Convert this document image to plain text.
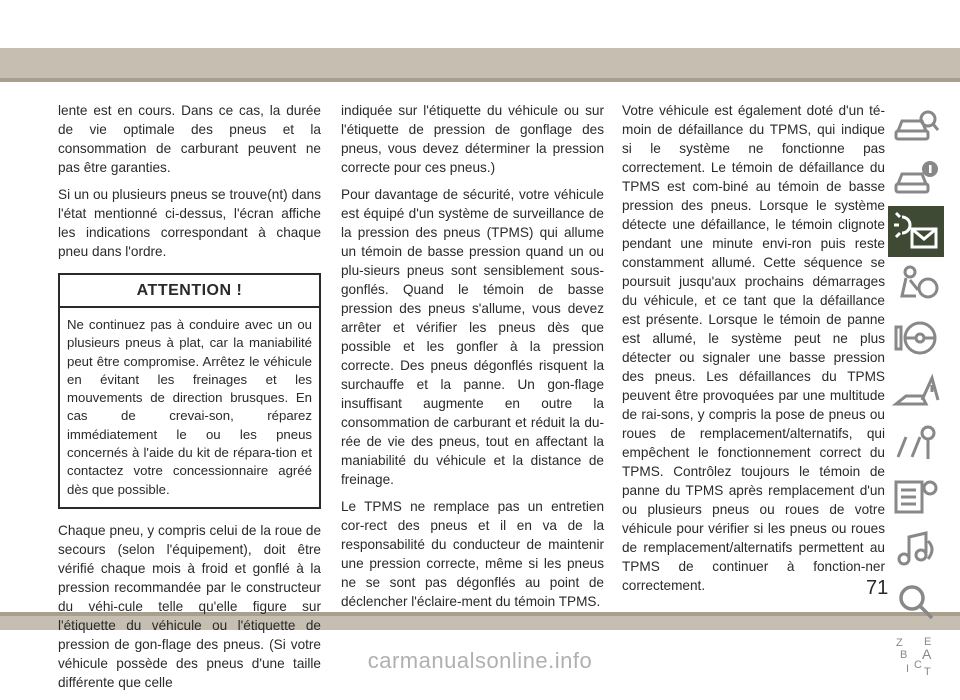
lente est en cours. Dans ce cas, la durée de vie optimale des pneus et la consommation de carburant peuvent ne pas être garanties.

Si un ou plusieurs pneus se trouve(nt) dans l'état mentionné ci-dessus, l'écran affiche les indications correspondant à chaque pneu dans l'ordre.

ATTENTION !
Ne continuez pas à conduire avec un ou plusieurs pneus à plat, car la maniabilité peut être compromise. Arrêtez le véhicule en évitant les freinages et les mouvements de direction brusques. En cas de crevai-son, réparez immédiatement le ou les pneus concernés à l'aide du kit de répara-tion et contactez votre concessionnaire agréé dès que possible.

Chaque pneu, y compris celui de la roue de secours (selon l'équipement), doit être vérifié chaque mois à froid et gonflé à la pression recommandée par le constructeur du véhi-cule telle qu'elle figure sur l'étiquette du véhicule ou l'étiquette de pression de gon-flage des pneus. (Si votre véhicule possède des pneus d'une taille différente que celle

indiquée sur l'étiquette du véhicule ou sur l'étiquette de pression de gonflage des pneus, vous devez déterminer la pression correcte pour ces pneus.)

Pour davantage de sécurité, votre véhicule est équipé d'un système de surveillance de la pression des pneus (TPMS) qui allume un témoin de basse pression quand un ou plu-sieurs pneus sont sensiblement sous-gonflés. Quand le témoin de basse pression des pneus s'allume, vous devez arrêter et vérifier les pneus dès que possible et les gonfler à la pression correcte. Des pneus dégonflés risquent la surchauffe et la panne. Un gon-flage insuffisant augmente en outre la consommation de carburant et réduit la du-rée de vie des pneus, tout en affectant la maniabilité du véhicule et la distance de freinage.

Le TPMS ne remplace pas un entretien cor-rect des pneus et il en va de la responsabilité du conducteur de maintenir une pression correcte, même si les pneus ne se sont pas dégonflés au point de déclencher l'éclaire-ment du témoin TPMS.

Votre véhicule est également doté d'un té-moin de défaillance du TPMS, qui indique si le système ne fonctionne pas correctement. Le témoin de défaillance du TPMS est com-biné au témoin de basse pression des pneus. Lorsque le système détecte une défaillance, le témoin clignote pendant une minute envi-ron puis reste constamment allumé. Cette séquence se poursuit jusqu'aux prochains démarrages du véhicule, et ce tant que la défaillance est présente. Lorsque le témoin de panne est allumé, le système peut ne plus détecter ou signaler une basse pression des pneus. Les défaillances du TPMS peuvent être provoquées par une multitude de rai-sons, y compris la pose de pneus ou roues de remplacement/alternatifs, qui empêchent le fonctionnement correct du TPMS. Contrôlez toujours le témoin de panne du TPMS après remplacement d'un ou plusieurs pneus ou roues de votre véhicule pour vérifier si les pneus ou roues de remplacement/alternatifs permettent au TPMS de continuer à fonction-ner correctement.

Z E
B A
I C
T
71
carmanualsonline.info
